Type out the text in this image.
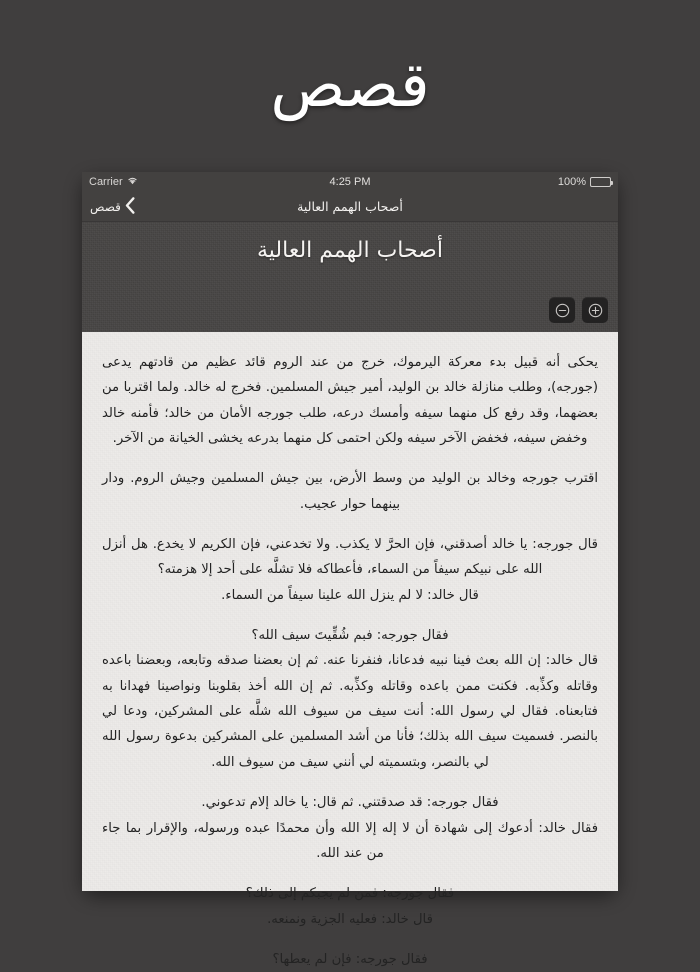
قصص
Carrier	4:25 PM	100%
قصص	أصحاب الهمم العالية
أصحاب الهمم العالية

يحكى أنه قبيل بدء معركة اليرموك، خرج من عند الروم قائد عظيم من قادتهم يدعى (جورجه)، وطلب منازلة خالد بن الوليد، أمير جيش المسلمين. فخرج له خالد. ولما اقتربا من بعضهما، وقد رفع كل منهما سيفه وأمسك درعه، طلب جورجه الأمان من خالد؛ فأمنه خالد وخفض سيفه، فخفض الآخر سيفه ولكن احتمى كل منهما بدرعه يخشى الخيانة من الآخر.

اقترب جورجه وخالد بن الوليد من وسط الأرض، بين جيش المسلمين وجيش الروم. ودار بينهما حوار عجيب.

قال جورجه: يا خالد أصدقني، فإن الحرَّ لا يكذب. ولا تخدعني، فإن الكريم لا يخدع. هل أنزل الله على نبيكم سيفاً من السماء، فأعطاكه فلا تشلَّه على أحد إلا هزمته؟

قال خالد: لا لم ينزل الله علينا سيفاً من السماء.

فقال جورجه: فبم شُقِّيتَ سيف الله؟

قال خالد: إن الله بعث فينا نبيه فدعانا، فنفرنا عنه. ثم إن بعضنا صدقه وتابعه، وبعضنا باعده وقاتله وكذِّبه. فكنت ممن باعده وقاتله وكذِّبه. ثم إن الله أخذ بقلوبنا ونواصينا فهدانا به فتابعناه. فقال لي رسول الله: أنت سيف من سيوف الله شلَّه على المشركين، ودعا لي بالنصر. فسميت سيف الله بذلك؛ فأنا من أشد المسلمين على المشركين بدعوة رسول الله لي بالنصر، وبتسميته لي أنني سيف من سيوف الله.

فقال جورجه: قد صدقتني. ثم قال: يا خالد إلام تدعوني.

فقال خالد: أدعوك إلى شهادة أن لا إله إلا الله وأن محمدًا عبده ورسوله، والإقرار بما جاء من عند الله.

فقال جورجه: فمن لم يجبكم إلى ذلك؟

قال خالد: فعليه الجزية ونمنعه.

فقال جورجه: فإن لم يعطها؟
